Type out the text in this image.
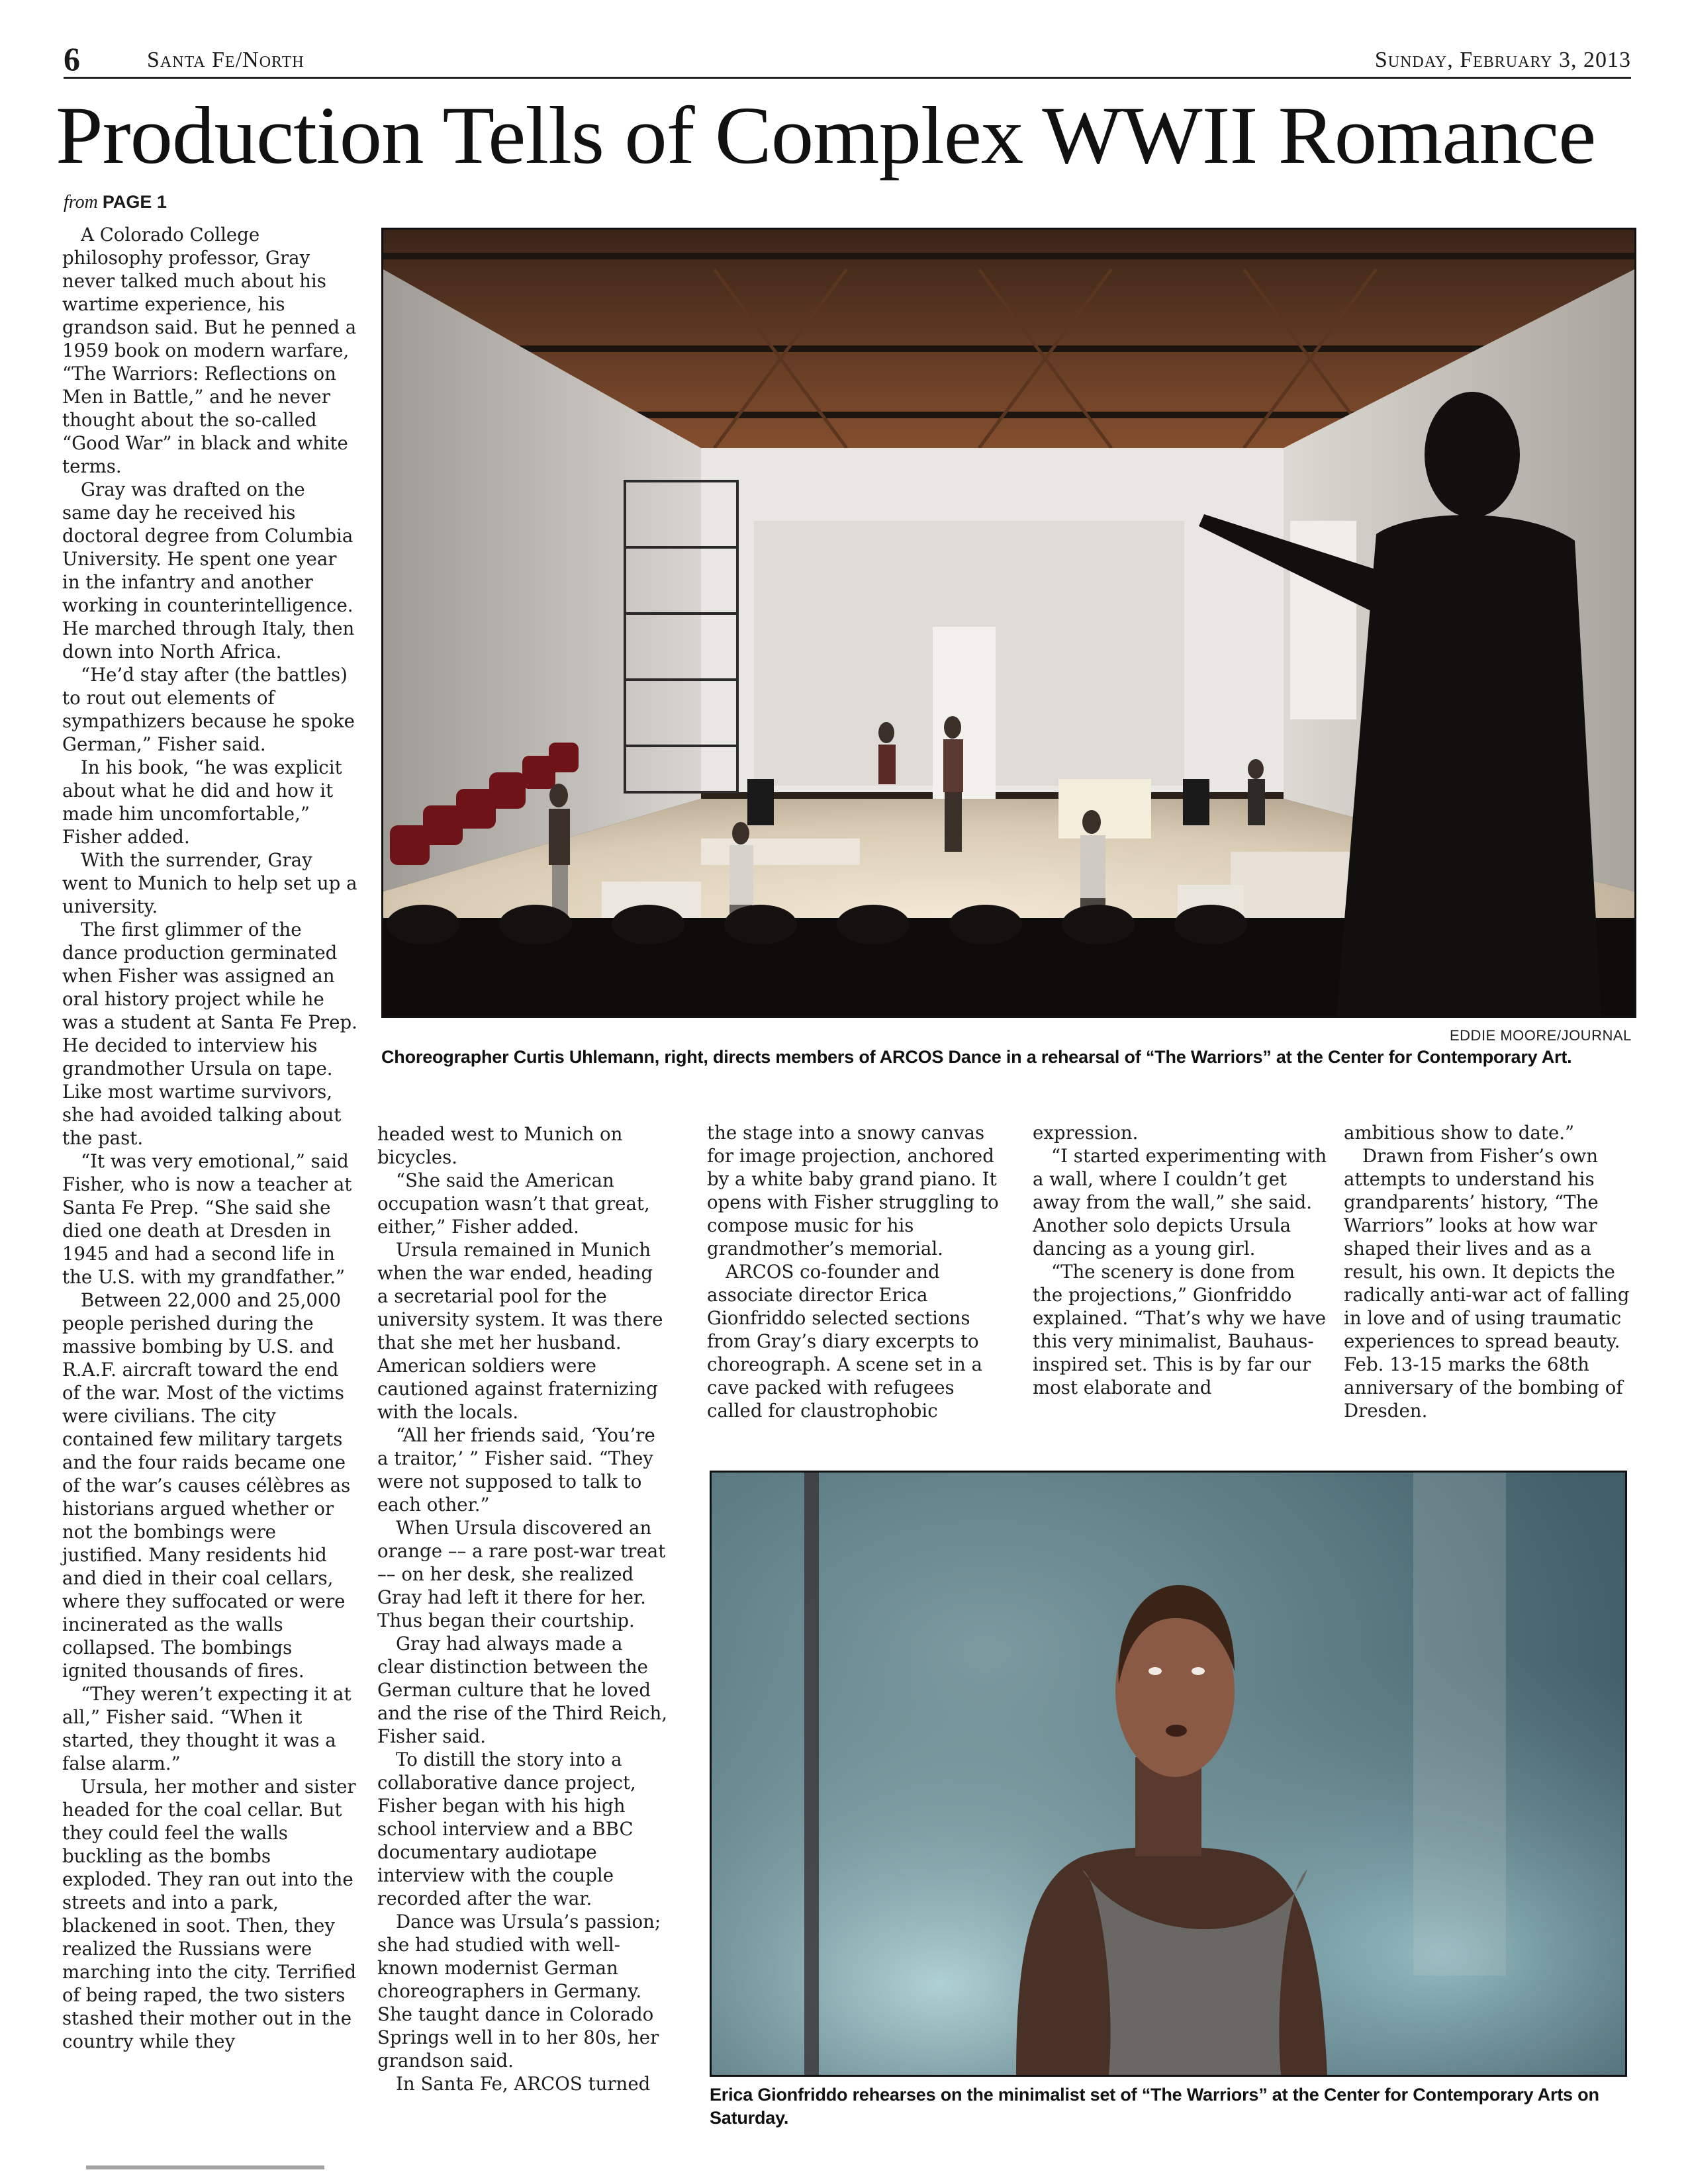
6	Santa Fe/North	Sunday, February 3, 2013
Production Tells of Complex WWII Romance
from PAGE 1

A Colorado College philosophy professor, Gray never talked much about his wartime experience, his grandson said. But he penned a 1959 book on modern warfare, “The Warriors: Reflections on Men in Battle,” and he never thought about the so-called “Good War” in black and white terms.

Gray was drafted on the same day he received his doctoral degree from Columbia University. He spent one year in the infantry and another working in counterintelligence. He marched through Italy, then down into North Africa.

“He’d stay after (the battles) to rout out elements of sympathizers because he spoke German,” Fisher said.

In his book, “he was explicit about what he did and how it made him uncomfortable,” Fisher added.

With the surrender, Gray went to Munich to help set up a university.

The first glimmer of the dance production germinated when Fisher was assigned an oral history project while he was a student at Santa Fe Prep. He decided to interview his grandmother Ursula on tape. Like most wartime survivors, she had avoided talking about the past.

“It was very emotional,” said Fisher, who is now a teacher at Santa Fe Prep. “She said she died one death at Dresden in 1945 and had a second life in the U.S. with my grandfather.”

Between 22,000 and 25,000 people perished during the massive bombing by U.S. and R.A.F. aircraft toward the end of the war. Most of the victims were civilians. The city contained few military targets and the four raids became one of the war’s causes célèbres as historians argued whether or not the bombings were justified. Many residents hid and died in their coal cellars, where they suffocated or were incinerated as the walls collapsed. The bombings ignited thousands of fires.

“They weren’t expecting it at all,” Fisher said. “When it started, they thought it was a false alarm.”

Ursula, her mother and sister headed for the coal cellar. But they could feel the walls buckling as the bombs exploded. They ran out into the streets and into a park, blackened in soot. Then, they realized the Russians were marching into the city. Terrified of being raped, the two sisters stashed their mother out in the country while they

EDDIE MOORE/JOURNAL
Choreographer Curtis Uhlemann, right, directs members of ARCOS Dance in a rehearsal of “The Warriors” at the Center for Contemporary Art.

headed west to Munich on bicycles.

“She said the American occupation wasn’t that great, either,” Fisher added.

Ursula remained in Munich when the war ended, heading a secretarial pool for the university system. It was there that she met her husband. American soldiers were cautioned against fraternizing with the locals.

“All her friends said, ‘You’re a traitor,’ ” Fisher said. “They were not supposed to talk to each other.”

When Ursula discovered an orange –– a rare post-war treat –– on her desk, she realized Gray had left it there for her. Thus began their courtship.

Gray had always made a clear distinction between the German culture that he loved and the rise of the Third Reich, Fisher said.

To distill the story into a collaborative dance project, Fisher began with his high school interview and a BBC documentary audiotape interview with the couple recorded after the war.

Dance was Ursula’s passion; she had studied with well-known modernist German choreographers in Germany. She taught dance in Colorado Springs well in to her 80s, her grandson said.

In Santa Fe, ARCOS turned

the stage into a snowy canvas for image projection, anchored by a white baby grand piano. It opens with Fisher struggling to compose music for his grandmother’s memorial.

ARCOS co-founder and associate director Erica Gionfriddo selected sections from Gray’s diary excerpts to choreograph. A scene set in a cave packed with refugees called for claustrophobic

expression.

“I started experimenting with a wall, where I couldn’t get away from the wall,” she said. Another solo depicts Ursula dancing as a young girl.

“The scenery is done from the projections,” Gionfriddo explained. “That’s why we have this very minimalist, Bauhaus-inspired set. This is by far our most elaborate and

ambitious show to date.”

Drawn from Fisher’s own attempts to understand his grandparents’ history, “The Warriors” looks at how war shaped their lives and as a result, his own. It depicts the radically anti-war act of falling in love and of using traumatic experiences to spread beauty. Feb. 13-15 marks the 68th anniversary of the bombing of Dresden.

Erica Gionfriddo rehearses on the minimalist set of “The Warriors” at the Center for Contemporary Arts on Saturday.
